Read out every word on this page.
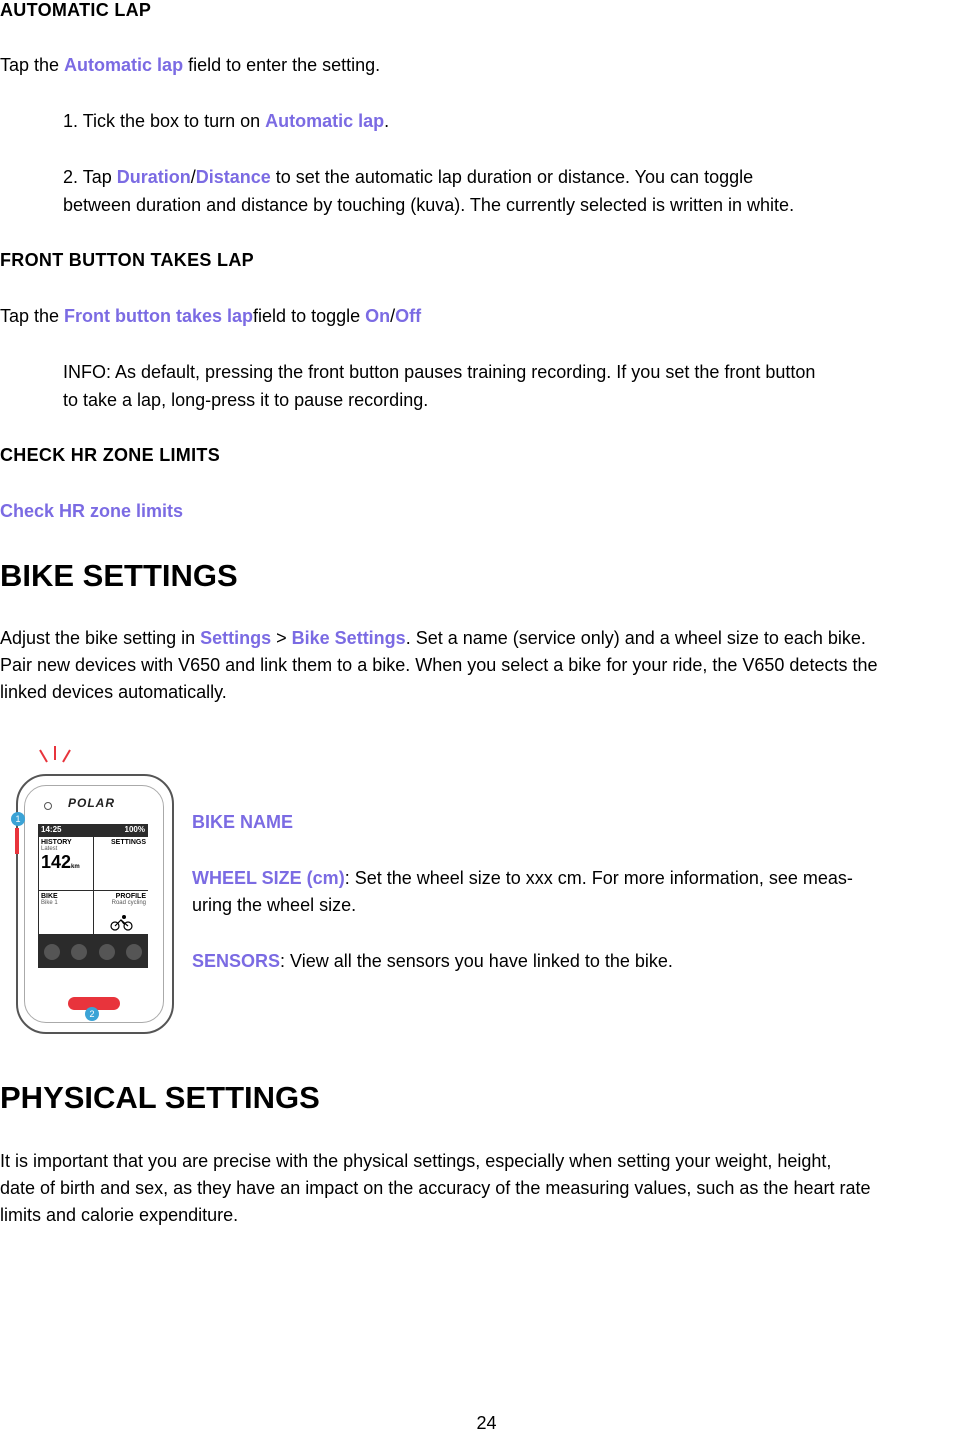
AUTOMATIC LAP
Tap the Automatic lap field to enter the setting.
1. Tick the box to turn on Automatic lap.
2. Tap Duration/Distance to set the automatic lap duration or distance. You can toggle
between duration and distance by touching (kuva). The currently selected is written in white.
FRONT BUTTON TAKES LAP
Tap the Front button takes lapfield to toggle On/Off
INFO: As default, pressing the front button pauses training recording. If you set the front button
to take a lap, long-press it to pause recording.
CHECK HR ZONE LIMITS
Check HR zone limits
BIKE SETTINGS
Adjust the bike setting in Settings > Bike Settings. Set a name (service only) and a wheel size to each bike.
Pair new devices with V650 and link them to a bike. When you select a bike for your ride, the V650 detects the
linked devices automatically.
POLAR
14:25	100%
HISTORY
Latest
142km
SETTINGS
BIKE
Bike 1
PROFILE
Road cycling
1
2
BIKE NAME
WHEEL SIZE (cm): Set the wheel size to xxx cm. For more information, see meas-
uring the wheel size.
SENSORS: View all the sensors you have linked to the bike.
PHYSICAL SETTINGS
It is important that you are precise with the physical settings, especially when setting your weight, height,
date of birth and sex, as they have an impact on the accuracy of the measuring values, such as the heart rate
limits and calorie expenditure.
24
